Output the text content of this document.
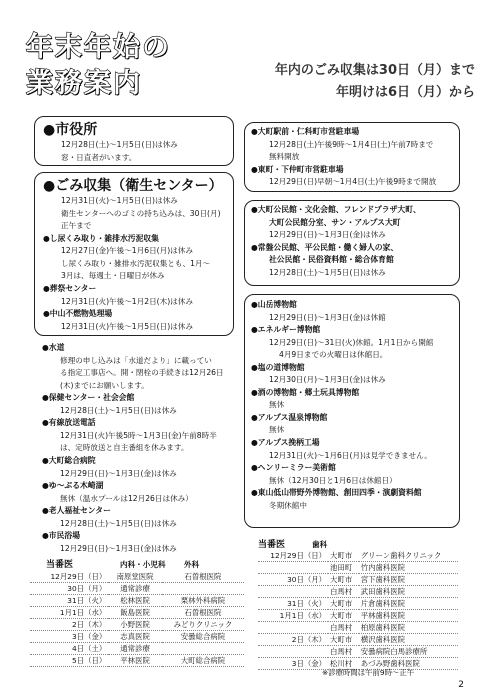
年末年始の
業務案内	年内のごみ収集は30日（月）まで
年明けは6日（月）から
●市役所
12月28日(土)～1月5日(日)は休み
窓・日直者がいます。
●ごみ収集（衛生センター）
12月31日(火)～1月5日(日)は休み
衛生センターへのゴミの持ち込みは、30日(月)
正午まで
●し尿くみ取り・雑排水汚泥収集
12月27日(金)午後～1月6日(月)は休み
し尿くみ取り・雑排水汚泥収集とも、1月～
3月は、毎週土・日曜日が休み
●葬祭センター
12月31日(火)午後～1月2日(木)は休み
●中山不燃物処理場
12月31日(火)午後～1月5日(日)は休み
●水道
修理の申し込みは「水道だより」に載ってい
る指定工事店へ。開・閉栓の手続きは12月26日
(木)までにお願いします。
●保健センター・社会会館
12月28日(土)～1月5日(日)は休み
●有線放送電話
12月31日(火)午後5時～1月3日(金)午前8時半
は、定時放送と自主番組を休みます。
●大町総合病院
12月29日(日)～1月3日(金)は休み
●ゆ～ぷる木崎湖
無休（温水プールは12月26日は休み）
●老人福祉センター
12月28日(土)～1月5日(日)は休み
●市民浴場
12月29日(日)～1月3日(金)は休み
●大町駅前・仁科町市営駐車場
12月28日(土)午後9時～1月4日(土)午前7時まで
無料開放
●東町・下仲町市営駐車場
12月29日(日)早朝～1月4日(土)午後9時まで開放
●大町公民館・文化会館、フレンドプラザ大町、
大町公民館分室、サン・アルプス大町
12月29日(日)～1月3日(金)は休み
●常盤公民館、平公民館・働く婦人の家、
社公民館・民俗資料館・総合体育館
12月28日(土)～1月5日(日)は休み
●山岳博物館
12月29日(日)～1月3日(金)は休館
●エネルギー博物館
12月29日(日)～31日(火)休館。1月1日から開館
4月9日までの火曜日は休館日。
●塩の道博物館
12月30日(月)～1月3日(金)は休み
●酒の博物館・郷土玩具博物館
無休
●アルプス温泉博物館
無休
●アルプス挽柄工場
12月31日(火)～1月6日(月)は見学できません。
●ヘンリーミラー美術館
無休（12月30日と1月6日は休館日）
●東山低山帯野外博物館、創田四季・演劇資料館
冬期休館中
当番医	内科・小児科 外科
12月29日（日）	南原堂医院	石曽根医院
30日（月）	通常診療	
31日（火）	松林医院	栗林外科病院
1月1日（水）	飯島医院	石曽根医院
2日（木）	小野医院	みどりクリニック
3日（金）	志真医院	安曇総合病院
4日（土）	通常診療	
5日（日）	平林医院	大町総合病院
当番医	歯科
12月29日（日）	大町市	グリーン歯科クリニック
	池田町	竹内歯科医院
30日（月）	大町市	宮下歯科医院
	白馬村	武田歯科医院
31日（火）	大町市	片倉歯科医院
1月1日（水）	大町市	平林歯科医院
	白馬村	柏原歯科医院
2日（木）	大町市	横沢歯科医院
	白馬村	安曇病院白馬診療所
3日（金）	松川村	あづみ野歯科医院
※診療時間は午前9時～正午
2
